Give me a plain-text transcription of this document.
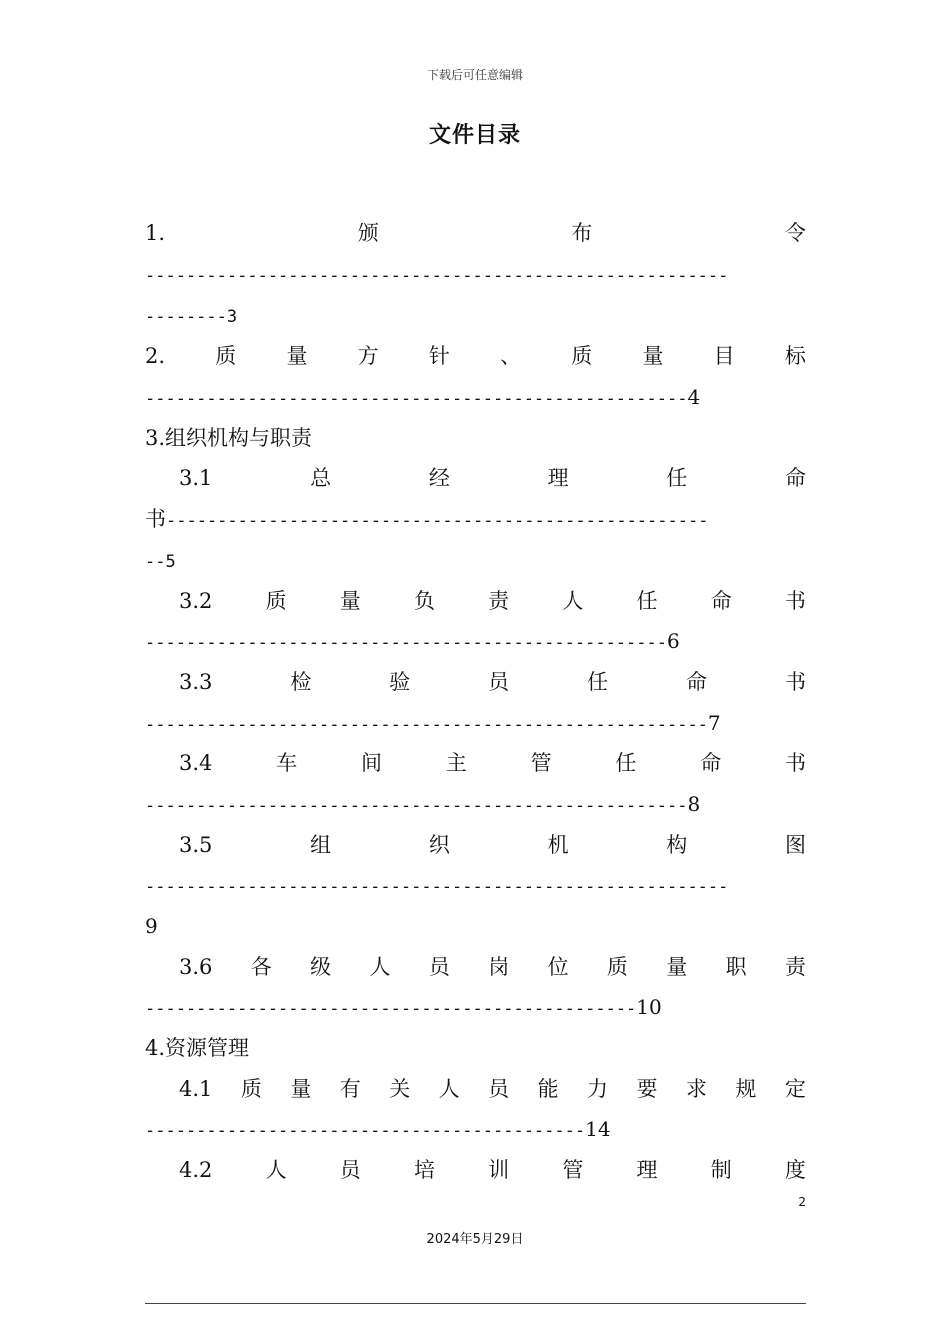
下载后可任意编辑
文件目录
1.	颁	布	令
---------------------------------------------------------
--------3
2. 质 量 方 针 、 质 量 目 标
-----------------------------------------------------4
3.组织机构与职责
3.1	总	经	理	任	命
书-----------------------------------------------------
--5
3.2	质	量	负	责	人	任	命	书
---------------------------------------------------6
3.3	检	验	员	任	命	书
-------------------------------------------------------7
3.4	车	间	主	管	任	命	书
-----------------------------------------------------8
3.5	组	织	机	构	图
---------------------------------------------------------
9
3.6 各 级 人 员 岗 位 质 量 职 责
------------------------------------------------10
4.资源管理
4.1 质 量 有 关 人 员 能 力 要 求 规 定
-------------------------------------------14
4.2	人	员	培	训	管	理	制	度
2
2024年5月29日
